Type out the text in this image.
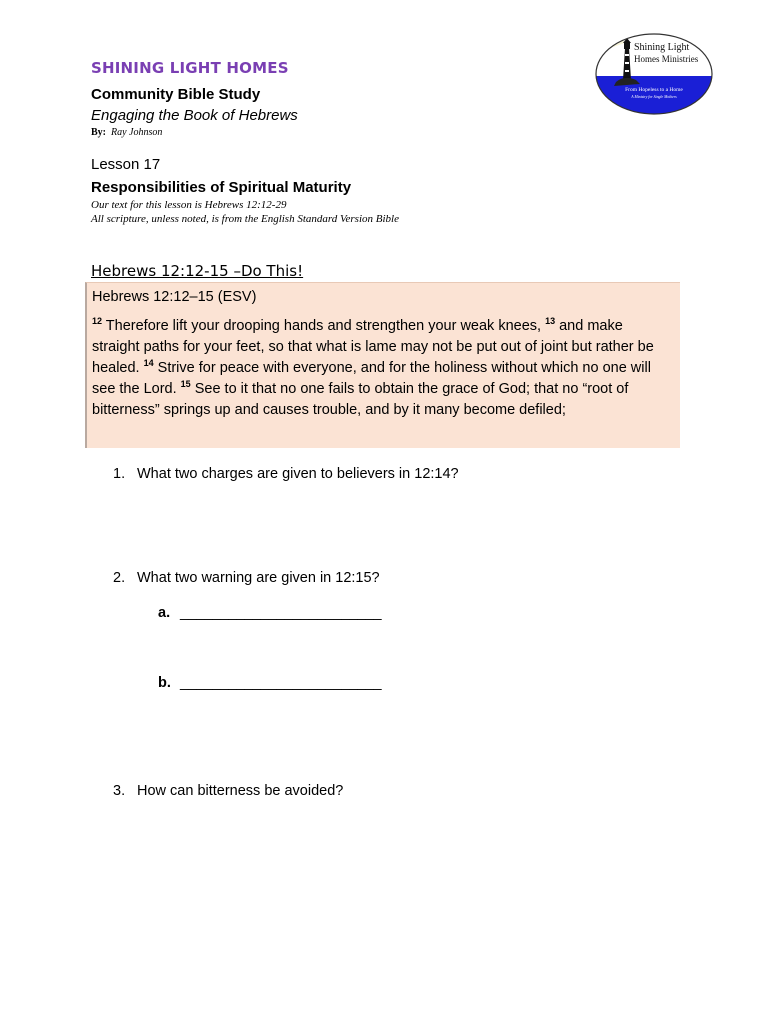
SHINING LIGHT HOMES
Community Bible Study
Engaging the Book of Hebrews
By: Ray Johnson
Shining Light
Homes Ministries
From Hopeless to a Home
A Ministry for Single Mothers
Lesson 17
Responsibilities of Spiritual Maturity
Our text for this lesson is Hebrews 12:12-29
All scripture, unless noted, is from the English Standard Version Bible
Hebrews 12:12-15 –Do This!

Hebrews 12:12–15 (ESV)

$^{12}$ Therefore lift your drooping hands and strengthen your weak knees, $^{13}$ and make straight paths for your feet, so that what is lame may not be put out of joint but rather be healed. $^{14}$ Strive for peace with everyone, and for the holiness without which no one will see the Lord. $^{15}$ See to it that no one fails to obtain the grace of God; that no “root of bitterness” springs up and causes trouble, and by it many become defiled;

1. What two charges are given to believers in 12:14?
2. What two warning are given in 12:15?
a. _________________________
b. _________________________
3. How can bitterness be avoided?
